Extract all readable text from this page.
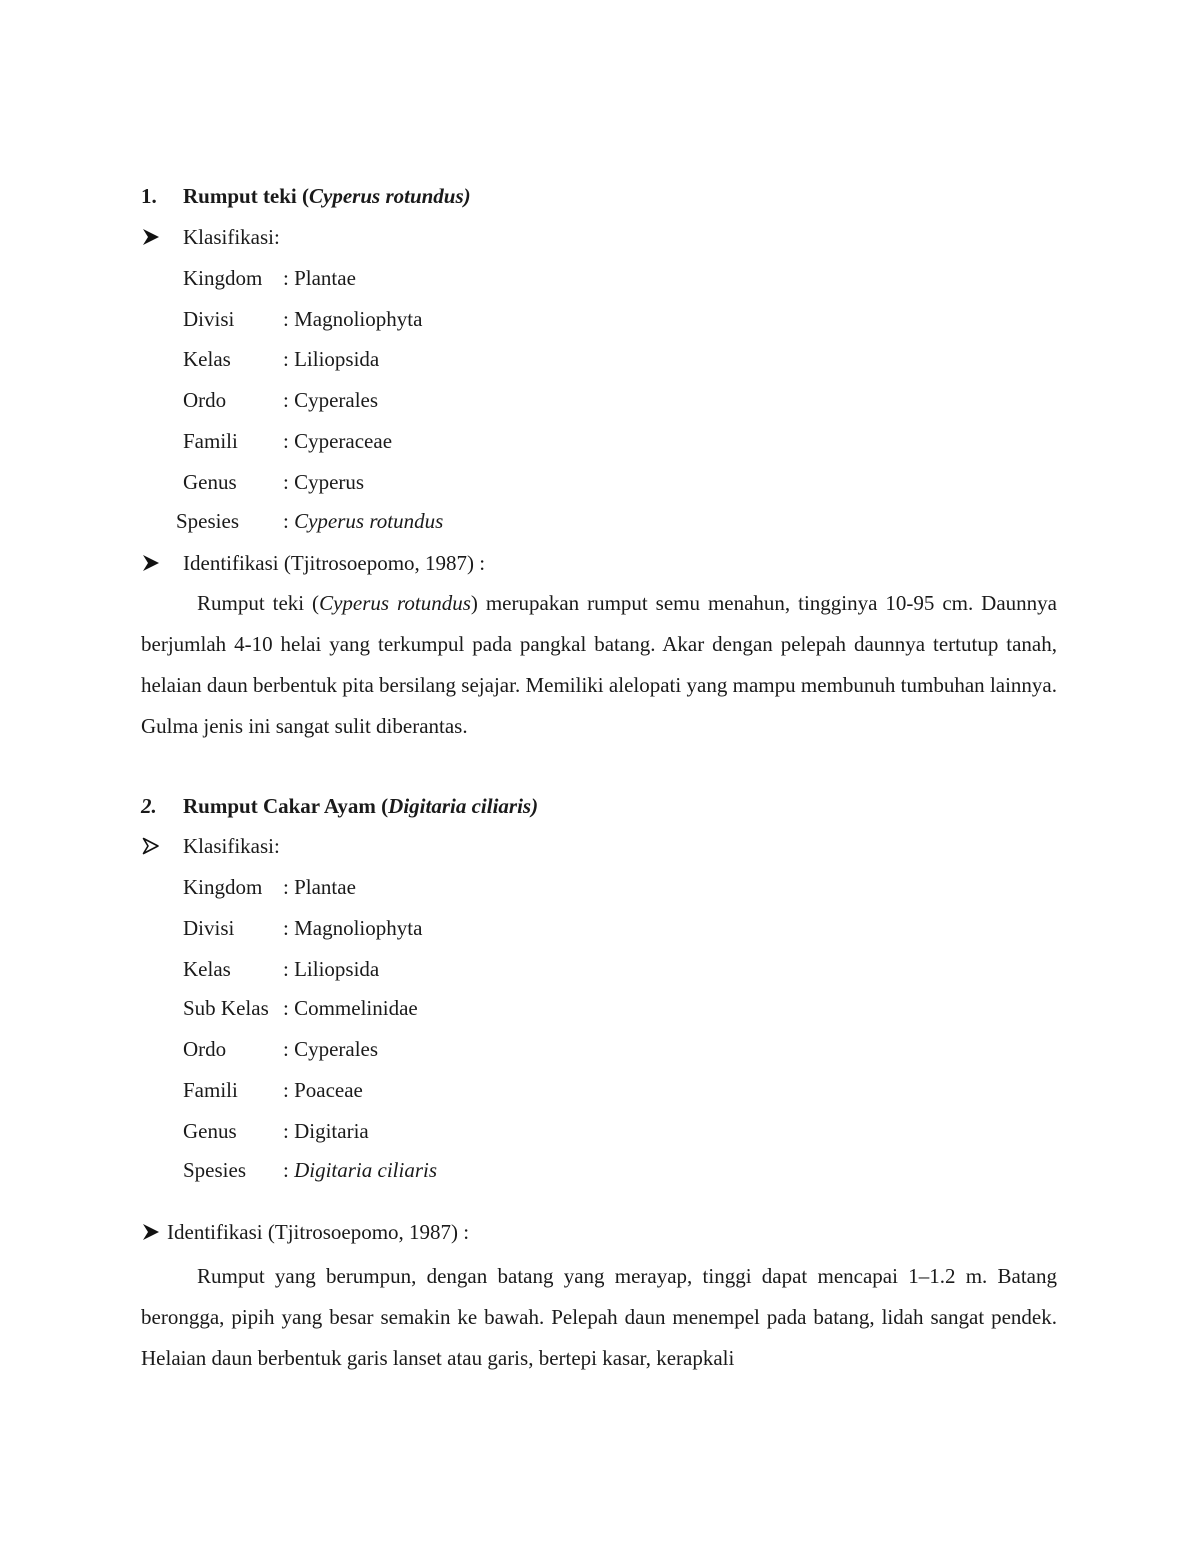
1. Rumput teki (Cyperus rotundus)
Klasifikasi:
Kingdom : Plantae
Divisi : Magnoliophyta
Kelas : Liliopsida
Ordo	: Cyperales
Famili : Cyperaceae
Genus : Cyperus
Spesies : Cyperus rotundus
Identifikasi (Tjitrosoepomo, 1987) :

Rumput teki (Cyperus rotundus) merupakan rumput semu menahun, tingginya 10-95 cm. Daunnya berjumlah 4-10 helai yang terkumpul pada pangkal batang. Akar dengan pelepah daunnya tertutup tanah, helaian daun berbentuk pita bersilang sejajar. Memiliki alelopati yang mampu membunuh tumbuhan lainnya. Gulma jenis ini sangat sulit diberantas.

2. Rumput Cakar Ayam (Digitaria ciliaris)
Klasifikasi:
Kingdom : Plantae
Divisi : Magnoliophyta
Kelas : Liliopsida
Sub Kelas : Commelinidae
Ordo	: Cyperales
Famili : Poaceae
Genus : Digitaria
Spesies : Digitaria ciliaris
Identifikasi (Tjitrosoepomo, 1987) :

Rumput yang berumpun, dengan batang yang merayap, tinggi dapat mencapai 1–1.2 m. Batang berongga, pipih yang besar semakin ke bawah. Pelepah daun menempel pada batang, lidah sangat pendek. Helaian daun berbentuk garis lanset atau garis, bertepi kasar, kerapkali
